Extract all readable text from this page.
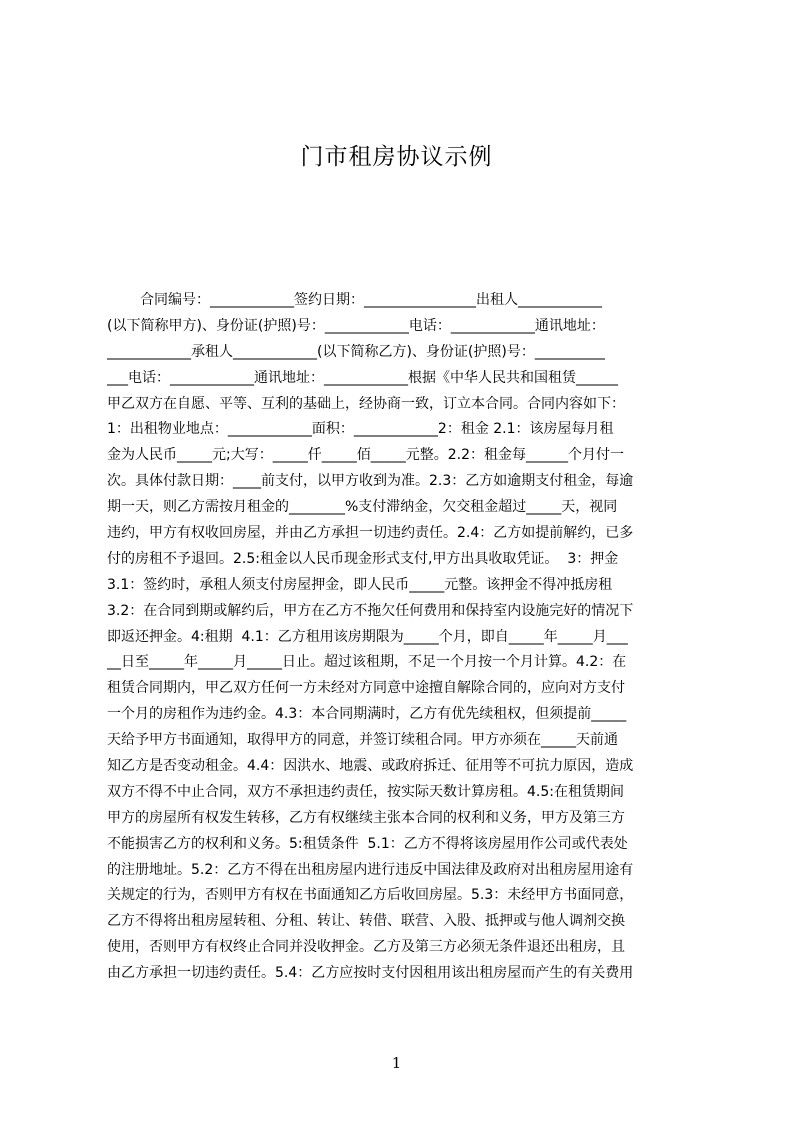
门市租房协议示例
合同编号：____________签约日期：________________出租人____________
(以下简称甲方)、身份证(护照)号：____________电话：____________通讯地址：
____________承租人____________(以下简称乙方)、身份证(护照)号：__________
___电话：____________通讯地址：____________根据《中华人民共和国租赁______
甲乙双方在自愿、平等、互利的基础上，经协商一致，订立本合同。合同内容如下：
1：出租物业地点：____________面积：____________2：租金 2.1：该房屋每月租
金为人民币_____元;大写：_____仟_____佰_____元整。2.2：租金每______个月付一
次。具体付款日期：____前支付，以甲方收到为准。2.3：乙方如逾期支付租金，每逾
期一天，则乙方需按月租金的________%支付滞纳金，欠交租金超过_____天，视同
违约，甲方有权收回房屋，并由乙方承担一切违约责任。2.4：乙方如提前解约，已多
付的房租不予退回。2.5:租金以人民币现金形式支付,甲方出具收取凭证。  3：押金
3.1：签约时，承租人须支付房屋押金，即人民币_____元整。该押金不得冲抵房租
3.2：在合同到期或解约后，甲方在乙方不拖欠任何费用和保持室内设施完好的情况下
即返还押金。4:租期  4.1：乙方租用该房期限为_____个月，即自_____年_____月___
__日至_____年_____月_____日止。超过该租期，不足一个月按一个月计算。4.2：在
租赁合同期内，甲乙双方任何一方未经对方同意中途擅自解除合同的，应向对方支付
一个月的房租作为违约金。4.3：本合同期满时，乙方有优先续租权，但须提前_____
天给予甲方书面通知，取得甲方的同意，并签订续租合同。甲方亦须在_____天前通
知乙方是否变动租金。4.4：因洪水、地震、或政府拆迁、征用等不可抗力原因，造成
双方不得不中止合同，双方不承担违约责任，按实际天数计算房租。4.5:在租赁期间
甲方的房屋所有权发生转移，乙方有权继续主张本合同的权利和义务，甲方及第三方
不能损害乙方的权利和义务。5:租赁条件  5.1：乙方不得将该房屋用作公司或代表处
的注册地址。5.2：乙方不得在出租房屋内进行违反中国法律及政府对出租房屋用途有
关规定的行为，否则甲方有权在书面通知乙方后收回房屋。5.3：未经甲方书面同意，
乙方不得将出租房屋转租、分租、转让、转借、联营、入股、抵押或与他人调剂交换
使用，否则甲方有权终止合同并没收押金。乙方及第三方必须无条件退还出租房，且
由乙方承担一切违约责任。5.4：乙方应按时支付因租用该出租房屋而产生的有关费用
1
